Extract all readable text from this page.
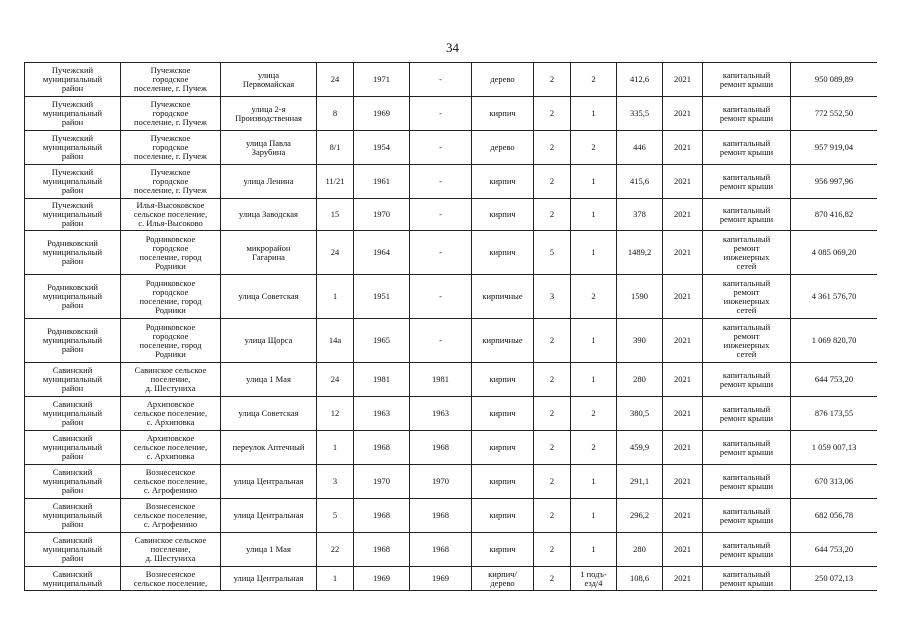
34
Пучежский
муниципальный
район	Пучежское
городское
поселение, г. Пучеж	улица
Первомайская	24	1971	-	дерево	2	2	412,6	2021	капитальный
ремонт крыши	950 089,89
Пучежский
муниципальный
район	Пучежское
городское
поселение, г. Пучеж	улица 2-я
Производственная	8	1969	-	кирпич	2	1	335,5	2021	капитальный
ремонт крыши	772 552,50
Пучежский
муниципальный
район	Пучежское
городское
поселение, г. Пучеж	улица Павла
Зарубина	8/1	1954	-	дерево	2	2	446	2021	капитальный
ремонт крыши	957 919,04
Пучежский
муниципальный
район	Пучежское
городское
поселение, г. Пучеж	улица Ленина	11/21	1961	-	кирпич	2	1	415,6	2021	капитальный
ремонт крыши	956 997,96
Пучежский
муниципальный
район	Илья-Высоковское
сельское поселение,
с. Илья-Высоково	улица Заводская	15	1970	-	кирпич	2	1	378	2021	капитальный
ремонт крыши	870 416,82
Родниковский
муниципальный
район	Родниковское
городское
поселение, город
Родники	микрорайон
Гагарина	24	1964	-	кирпич	5	1	1489,2	2021	капитальный
ремонт
инженерных
сетей	4 085 069,20
Родниковский
муниципальный
район	Родниковское
городское
поселение, город
Родники	улица Советская	1	1951	-	кирпичные	3	2	1590	2021	капитальный
ремонт
инженерных
сетей	4 361 576,70
Родниковский
муниципальный
район	Родниковское
городское
поселение, город
Родники	улица Щорса	14а	1965	-	кирпичные	2	1	390	2021	капитальный
ремонт
инженерных
сетей	1 069 820,70
Савинский
муниципальный
район	Савинское сельское
поселение,
д. Шестуниха	улица 1 Мая	24	1981	1981	кирпич	2	1	280	2021	капитальный
ремонт крыши	644 753,20
Савинский
муниципальный
район	Архиповское
сельское поселение,
с. Архиповка	улица Советская	12	1963	1963	кирпич	2	2	380,5	2021	капитальный
ремонт крыши	876 173,55
Савинский
муниципальный
район	Архиповское
сельское поселение,
с. Архиповка	переулок Аптечный	1	1968	1968	кирпич	2	2	459,9	2021	капитальный
ремонт крыши	1 059 007,13
Савинский
муниципальный
район	Вознесенское
сельское поселение,
с. Агрофенино	улица Центральная	3	1970	1970	кирпич	2	1	291,1	2021	капитальный
ремонт крыши	670 313,06
Савинский
муниципальный
район	Вознесенское
сельское поселение,
с. Агрофенино	улица Центральная	5	1968	1968	кирпич	2	1	296,2	2021	капитальный
ремонт крыши	682 056,78
Савинский
муниципальный
район	Савинское сельское
поселение,
д. Шестуниха	улица 1 Мая	22	1968	1968	кирпич	2	1	280	2021	капитальный
ремонт крыши	644 753,20
Савинский
муниципальный	Вознесенское
сельское поселение,	улица Центральная	1	1969	1969	кирпич/
дерево	2	1 подъ-
езд/4	108,6	2021	капитальный
ремонт крыши	250 072,13
